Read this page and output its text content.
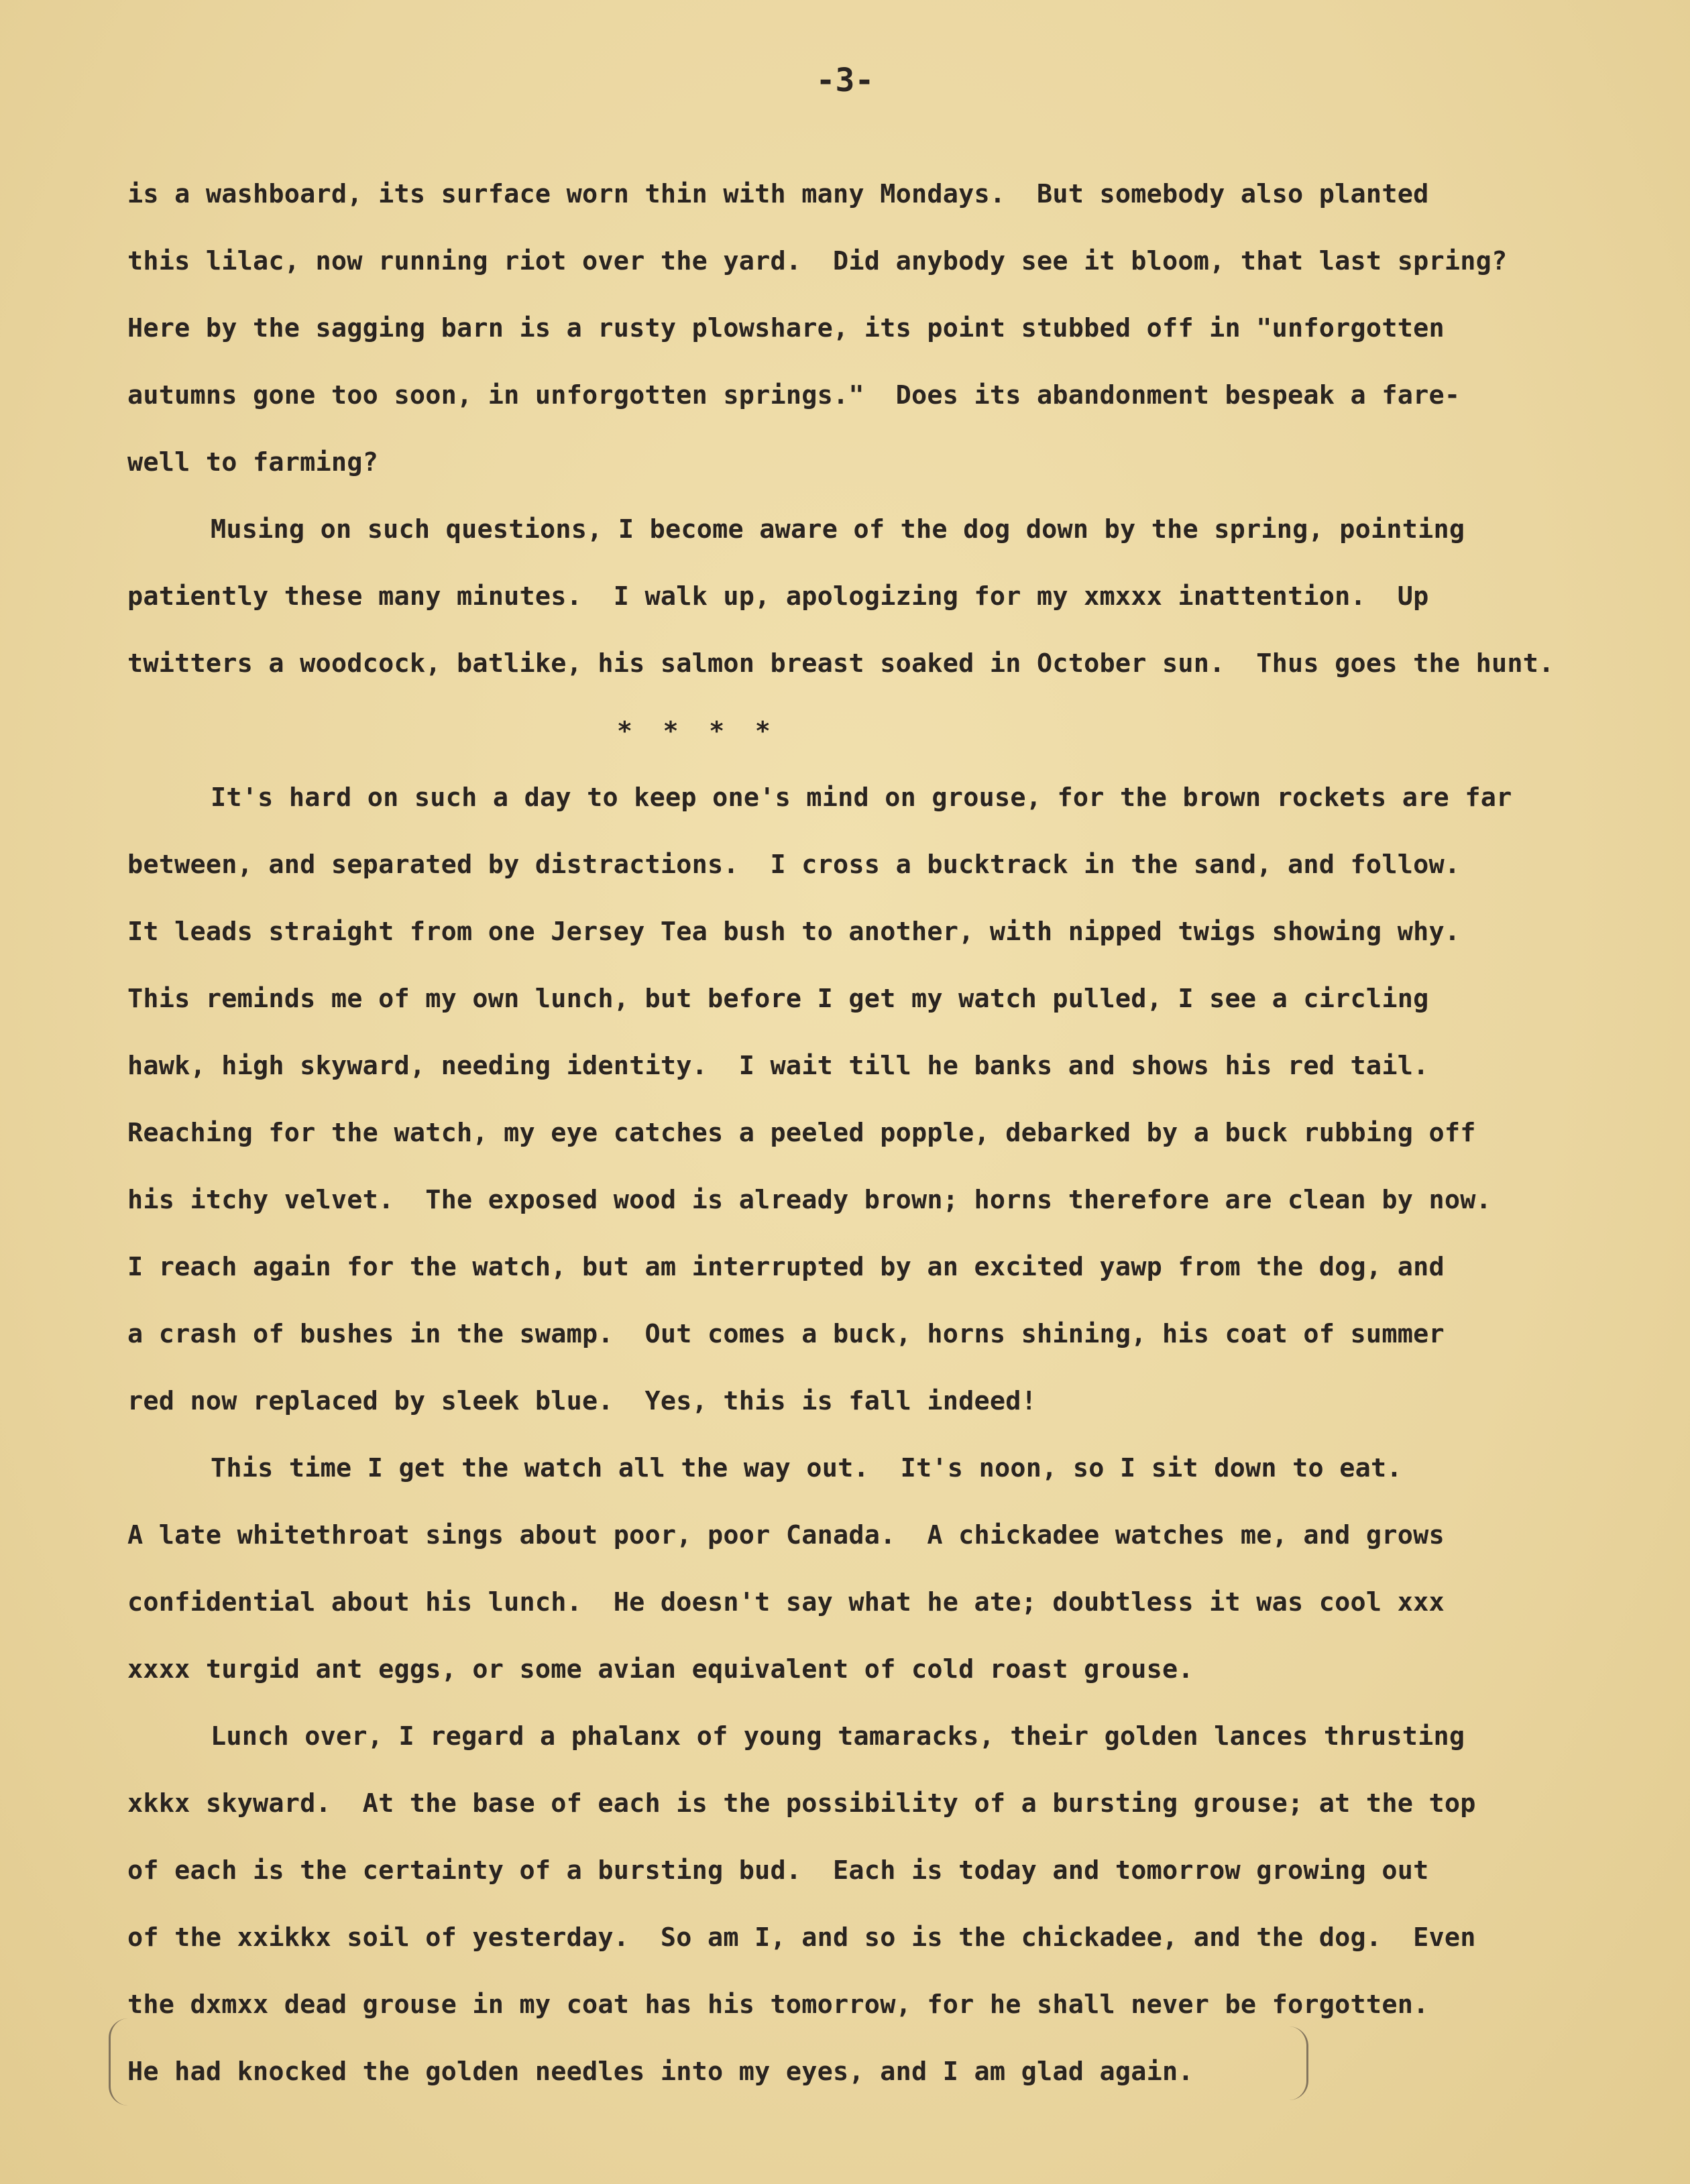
-3-
is a washboard, its surface worn thin with many Mondays.  But somebody also planted
this lilac, now running riot over the yard.  Did anybody see it bloom, that last spring?
Here by the sagging barn is a rusty plowshare, its point stubbed off in "unforgotten
autumns gone too soon, in unforgotten springs."  Does its abandonment bespeak a fare-
well to farming?
Musing on such questions, I become aware of the dog down by the spring, pointing
patiently these many minutes.  I walk up, apologizing for my xmxxx inattention.  Up
twitters a woodcock, batlike, his salmon breast soaked in October sun.  Thus goes the hunt.
*  *  *  *
It's hard on such a day to keep one's mind on grouse, for the brown rockets are far
between, and separated by distractions.  I cross a bucktrack in the sand, and follow.
It leads straight from one Jersey Tea bush to another, with nipped twigs showing why.
This reminds me of my own lunch, but before I get my watch pulled, I see a circling
hawk, high skyward, needing identity.  I wait till he banks and shows his red tail.
Reaching for the watch, my eye catches a peeled popple, debarked by a buck rubbing off
his itchy velvet.  The exposed wood is already brown; horns therefore are clean by now.
I reach again for the watch, but am interrupted by an excited yawp from the dog, and
a crash of bushes in the swamp.  Out comes a buck, horns shining, his coat of summer
red now replaced by sleek blue.  Yes, this is fall indeed!
This time I get the watch all the way out.  It's noon, so I sit down to eat.
A late whitethroat sings about poor, poor Canada.  A chickadee watches me, and grows
confidential about his lunch.  He doesn't say what he ate; doubtless it was cool xxx
xxxx turgid ant eggs, or some avian equivalent of cold roast grouse.
Lunch over, I regard a phalanx of young tamaracks, their golden lances thrusting
xkkx skyward.  At the base of each is the possibility of a bursting grouse; at the top
of each is the certainty of a bursting bud.  Each is today and tomorrow growing out
of the xxikkx soil of yesterday.  So am I, and so is the chickadee, and the dog.  Even
the dxmxx dead grouse in my coat has his tomorrow, for he shall never be forgotten.
He had knocked the golden needles into my eyes, and I am glad again.
